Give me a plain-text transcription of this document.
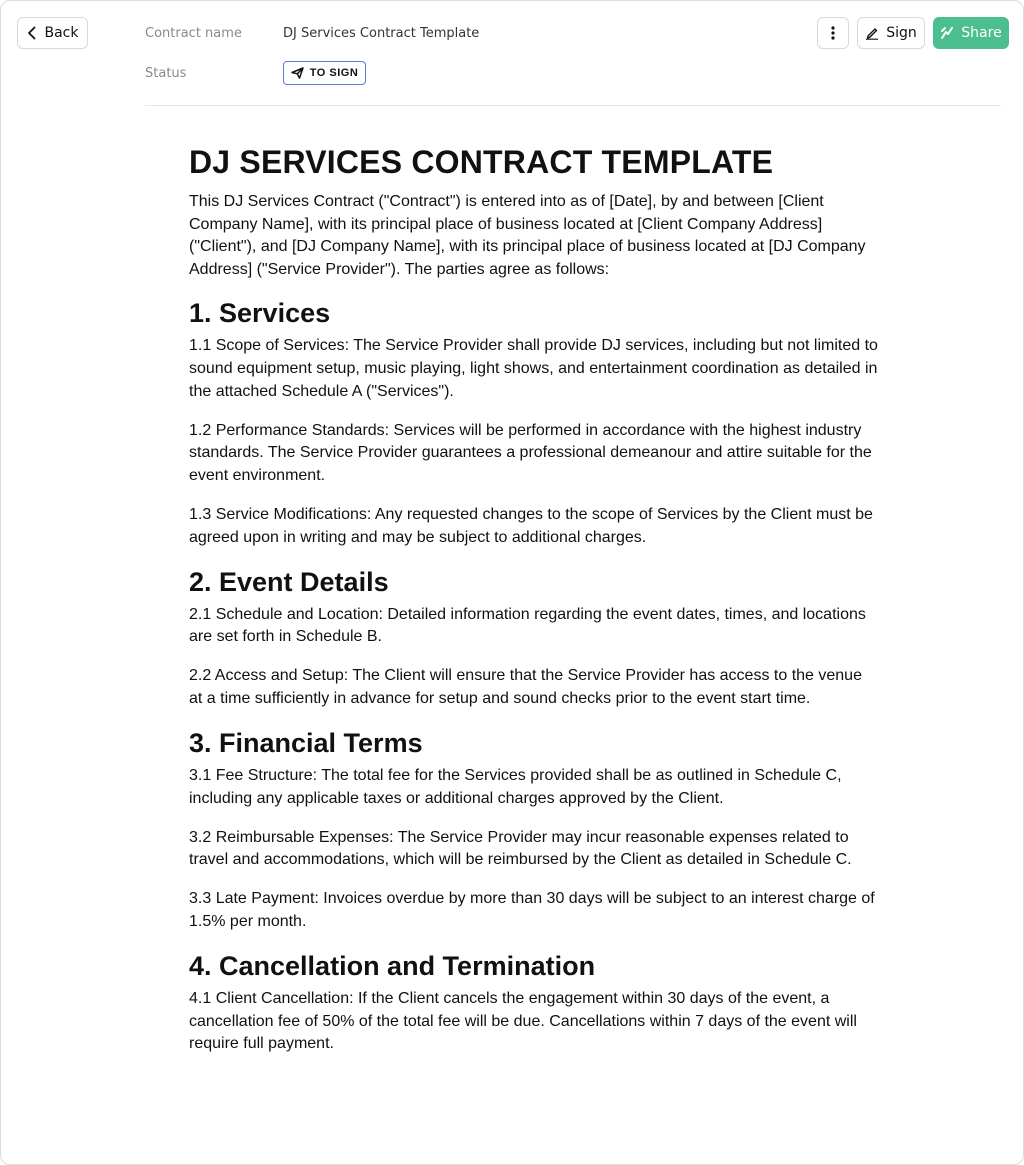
Back	Contract name	DJ Services Contract Template
Status	TO SIGN
Sign	Share
DJ SERVICES CONTRACT TEMPLATE

This DJ Services Contract ("Contract") is entered into as of [Date], by and between [Client Company Name], with its principal place of business located at [Client Company Address] ("Client"), and [DJ Company Name], with its principal place of business located at [DJ Company Address] ("Service Provider"). The parties agree as follows:

1. Services

1.1 Scope of Services: The Service Provider shall provide DJ services, including but not limited to sound equipment setup, music playing, light shows, and entertainment coordination as detailed in the attached Schedule A ("Services").

1.2 Performance Standards: Services will be performed in accordance with the highest industry standards. The Service Provider guarantees a professional demeanour and attire suitable for the event environment.

1.3 Service Modifications: Any requested changes to the scope of Services by the Client must be agreed upon in writing and may be subject to additional charges.

2. Event Details

2.1 Schedule and Location: Detailed information regarding the event dates, times, and locations are set forth in Schedule B.

2.2 Access and Setup: The Client will ensure that the Service Provider has access to the venue at a time sufficiently in advance for setup and sound checks prior to the event start time.

3. Financial Terms

3.1 Fee Structure: The total fee for the Services provided shall be as outlined in Schedule C, including any applicable taxes or additional charges approved by the Client.

3.2 Reimbursable Expenses: The Service Provider may incur reasonable expenses related to travel and accommodations, which will be reimbursed by the Client as detailed in Schedule C.

3.3 Late Payment: Invoices overdue by more than 30 days will be subject to an interest charge of 1.5% per month.

4. Cancellation and Termination

4.1 Client Cancellation: If the Client cancels the engagement within 30 days of the event, a cancellation fee of 50% of the total fee will be due. Cancellations within 7 days of the event will require full payment.
